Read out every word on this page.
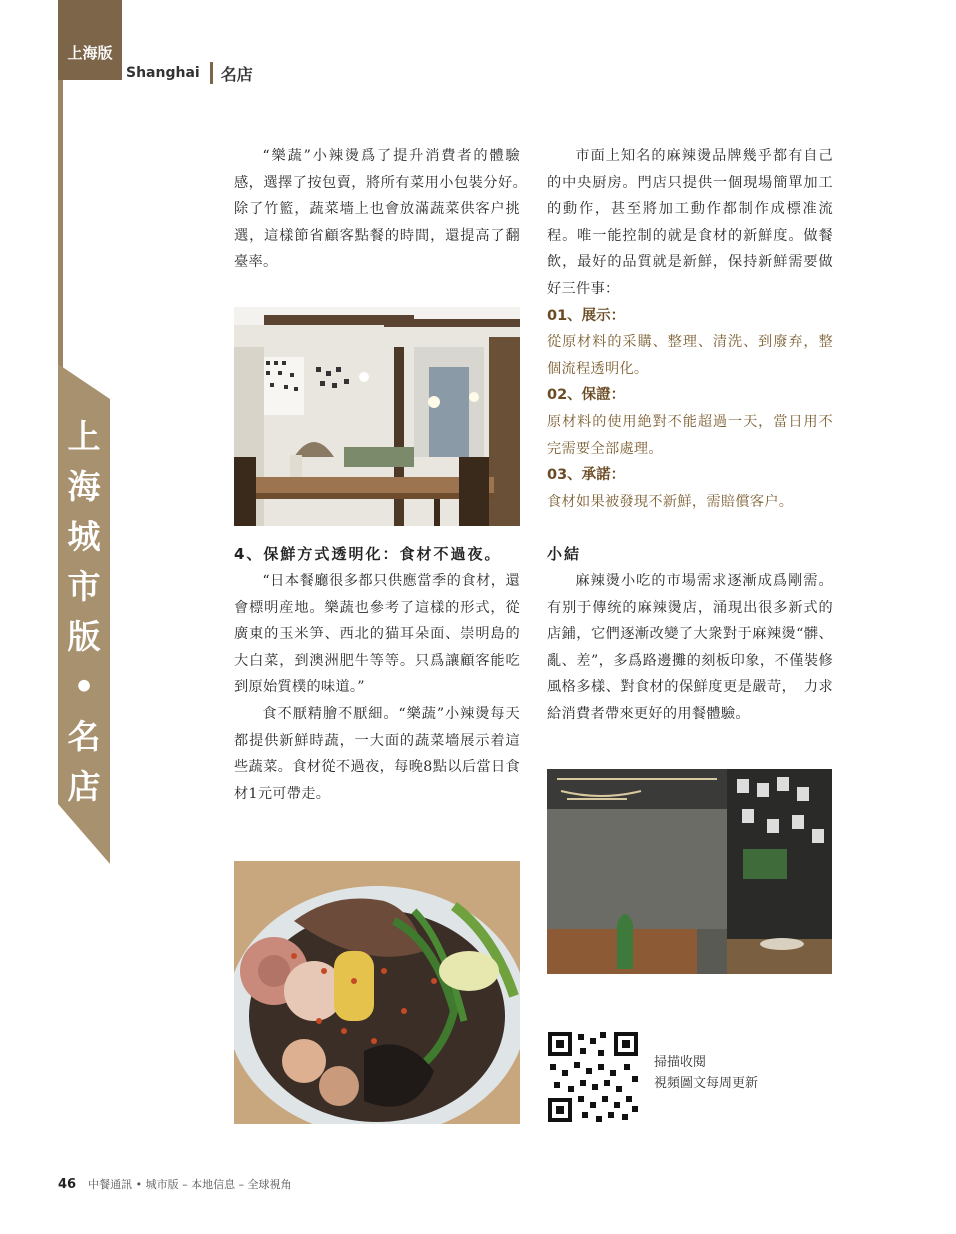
上海版
Shanghai 名店
上
海
城
市
版
•
名
店

“樂蔬”小辣燙爲了提升消費者的體驗感，選擇了按包賣，將所有菜用小包裝分好。　除了竹籃，蔬菜墻上也會放滿蔬菜供客户挑選，這樣節省顧客點餐的時間，還提高了翻臺率。

4、保鮮方式透明化：食材不過夜。

“日本餐廳很多都只供應當季的食材，還會標明産地。樂蔬也參考了這樣的形式，從廣東的玉米笋、西北的猫耳朵面、崇明島的大白菜，到澳洲肥牛等等。只爲讓顧客能吃到原始質樸的味道。”

食不厭精膾不厭細。“樂蔬”小辣燙每天都提供新鮮時蔬，一大面的蔬菜墻展示着這些蔬菜。食材從不過夜，每晚8點以后當日食材1元可帶走。

市面上知名的麻辣燙品牌幾乎都有自己的中央厨房。門店只提供一個現場簡單加工的動作，甚至將加工動作都制作成標准流程。唯一能控制的就是食材的新鮮度。做餐飲，最好的品質就是新鮮，保持新鮮需要做好三件事：

01、展示：

從原材料的采購、整理、清洗、到廢弃，整個流程透明化。

02、保證：

原材料的使用絶對不能超過一天，當日用不完需要全部處理。

03、承諾：

食材如果被發現不新鮮，需賠償客户。

小結

麻辣燙小吃的市場需求逐漸成爲剛需。有别于傳统的麻辣燙店，涌現出很多新式的店鋪，它們逐漸改變了大衆對于麻辣燙“髒、亂、差”，多爲路邊攤的刻板印象，不僅裝修風格多樣、對食材的保鮮度更是嚴苛，　力求給消費者帶來更好的用餐體驗。

掃描收閱
視頻圖文每周更新
46 中餐通訊 • 城市版 – 本地信息 – 全球視角
